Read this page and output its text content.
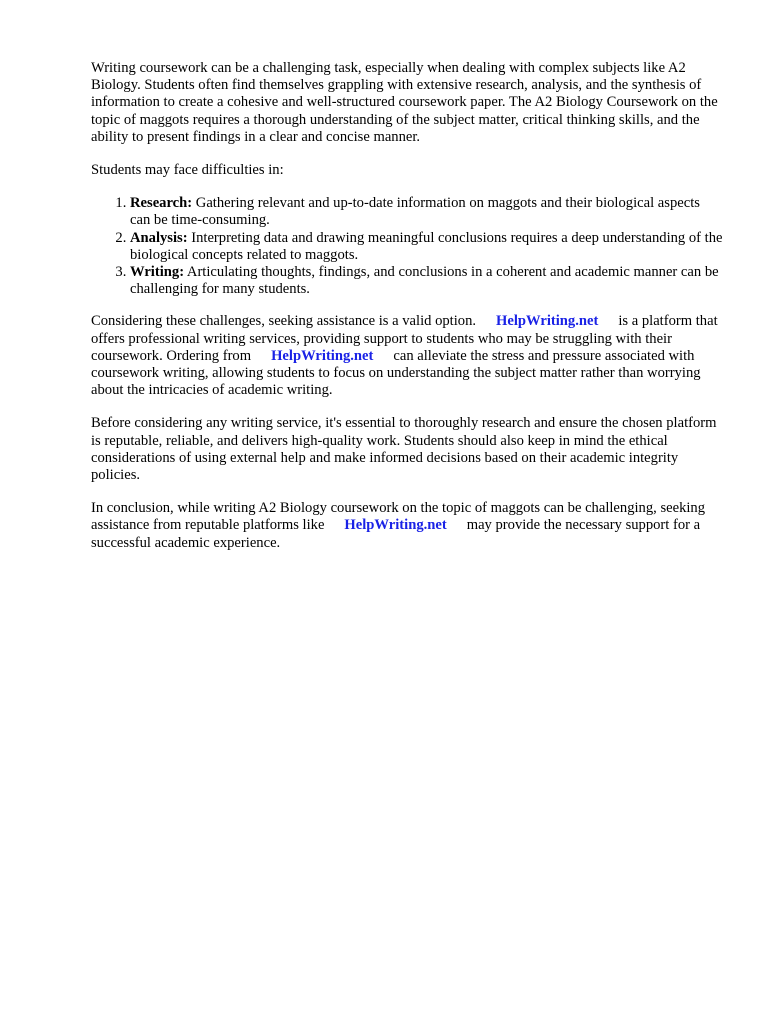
Writing coursework can be a challenging task, especially when dealing with complex subjects like A2 Biology. Students often find themselves grappling with extensive research, analysis, and the synthesis of information to create a cohesive and well-structured coursework paper. The A2 Biology Coursework on the topic of maggots requires a thorough understanding of the subject matter, critical thinking skills, and the ability to present findings in a clear and concise manner.

Students may face difficulties in:

1. Research: Gathering relevant and up-to-date information on maggots and their biological aspects can be time-consuming.
2. Analysis: Interpreting data and drawing meaningful conclusions requires a deep understanding of the biological concepts related to maggots.
3. Writing: Articulating thoughts, findings, and conclusions in a coherent and academic manner can be challenging for many students.

Considering these challenges, seeking assistance is a valid option. HelpWriting.net is a platform that offers professional writing services, providing support to students who may be struggling with their coursework. Ordering from HelpWriting.net can alleviate the stress and pressure associated with coursework writing, allowing students to focus on understanding the subject matter rather than worrying about the intricacies of academic writing.

Before considering any writing service, it's essential to thoroughly research and ensure the chosen platform is reputable, reliable, and delivers high-quality work. Students should also keep in mind the ethical considerations of using external help and make informed decisions based on their academic integrity policies.

In conclusion, while writing A2 Biology coursework on the topic of maggots can be challenging, seeking assistance from reputable platforms like HelpWriting.net may provide the necessary support for a successful academic experience.
